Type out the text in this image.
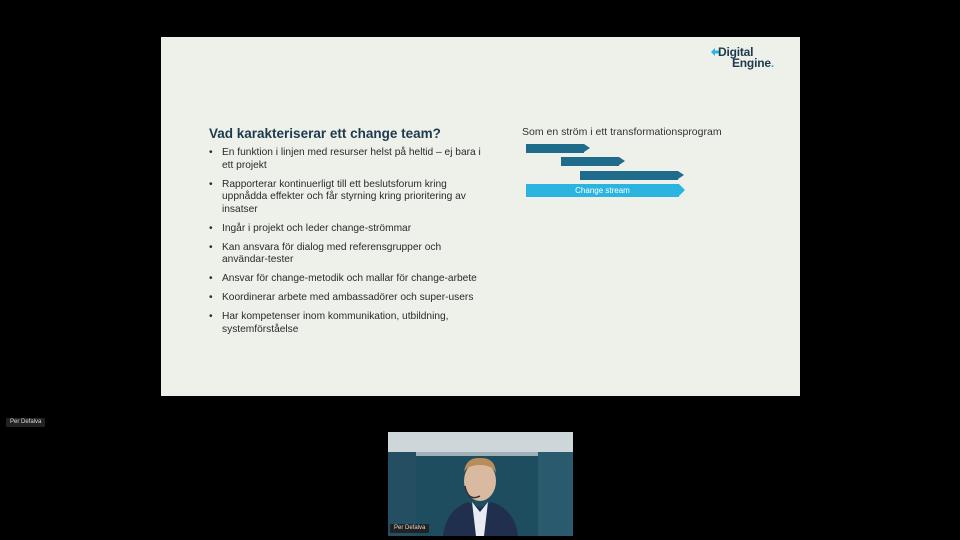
Digital
Engine.
Vad karakteriserar ett change team?
• En funktion i linjen med resurser helst på heltid – ej bara i ett projekt
• Rapporterar kontinuerligt till ett beslutsforum kring uppnådda effekter och får styrning kring prioritering av insatser
• Ingår i projekt och leder change-strömmar
• Kan ansvara för dialog med referensgrupper och användar-tester
• Ansvar för change-metodik och mallar för change-arbete
• Koordinerar arbete med ambassadörer och super-users
• Har kompetenser inom kommunikation, utbildning, systemförståelse

Som en ström i ett transformationsprogram

Change stream
Per Defalva
Per Defalva
